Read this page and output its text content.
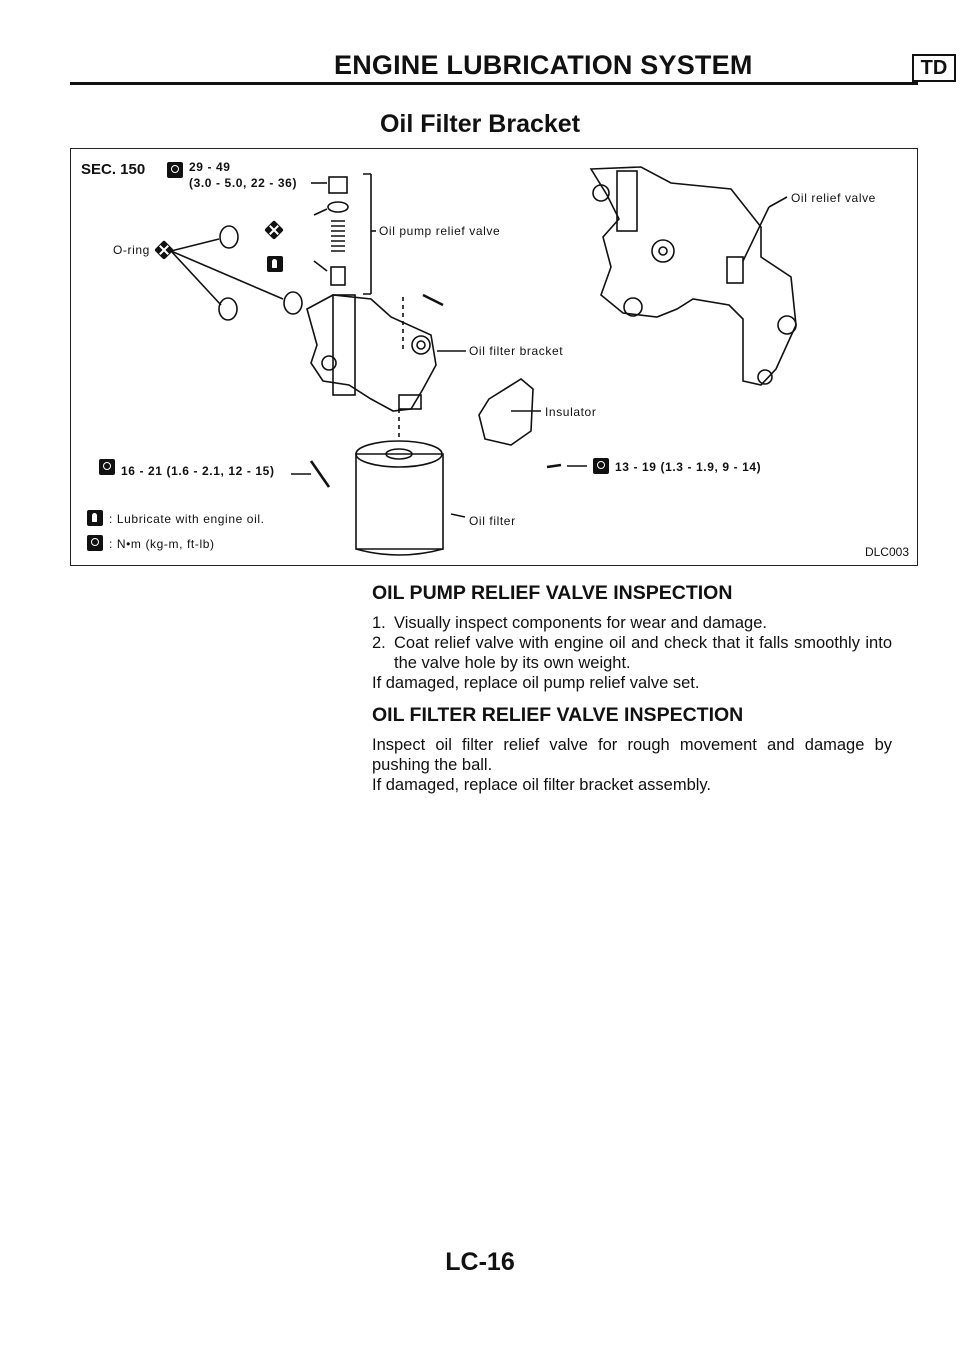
ENGINE LUBRICATION SYSTEM	TD
Oil Filter Bracket
SEC. 150	29 - 49
(3.0 - 5.0, 22 - 36)
O-ring
Oil pump relief valve
Oil relief valve
Oil filter bracket
Insulator
16 - 21 (1.6 - 2.1, 12 - 15)	13 - 19 (1.3 - 1.9, 9 - 14)
Oil filter
: Lubricate with engine oil.
: N•m (kg-m, ft-lb)
DLC003
OIL PUMP RELIEF VALVE INSPECTION
1. Visually inspect components for wear and damage.
2. Coat relief valve with engine oil and check that it falls smoothly into the valve hole by its own weight.

If damaged, replace oil pump relief valve set.

OIL FILTER RELIEF VALVE INSPECTION

Inspect oil filter relief valve for rough movement and damage by pushing the ball.

If damaged, replace oil filter bracket assembly.

LC-16
